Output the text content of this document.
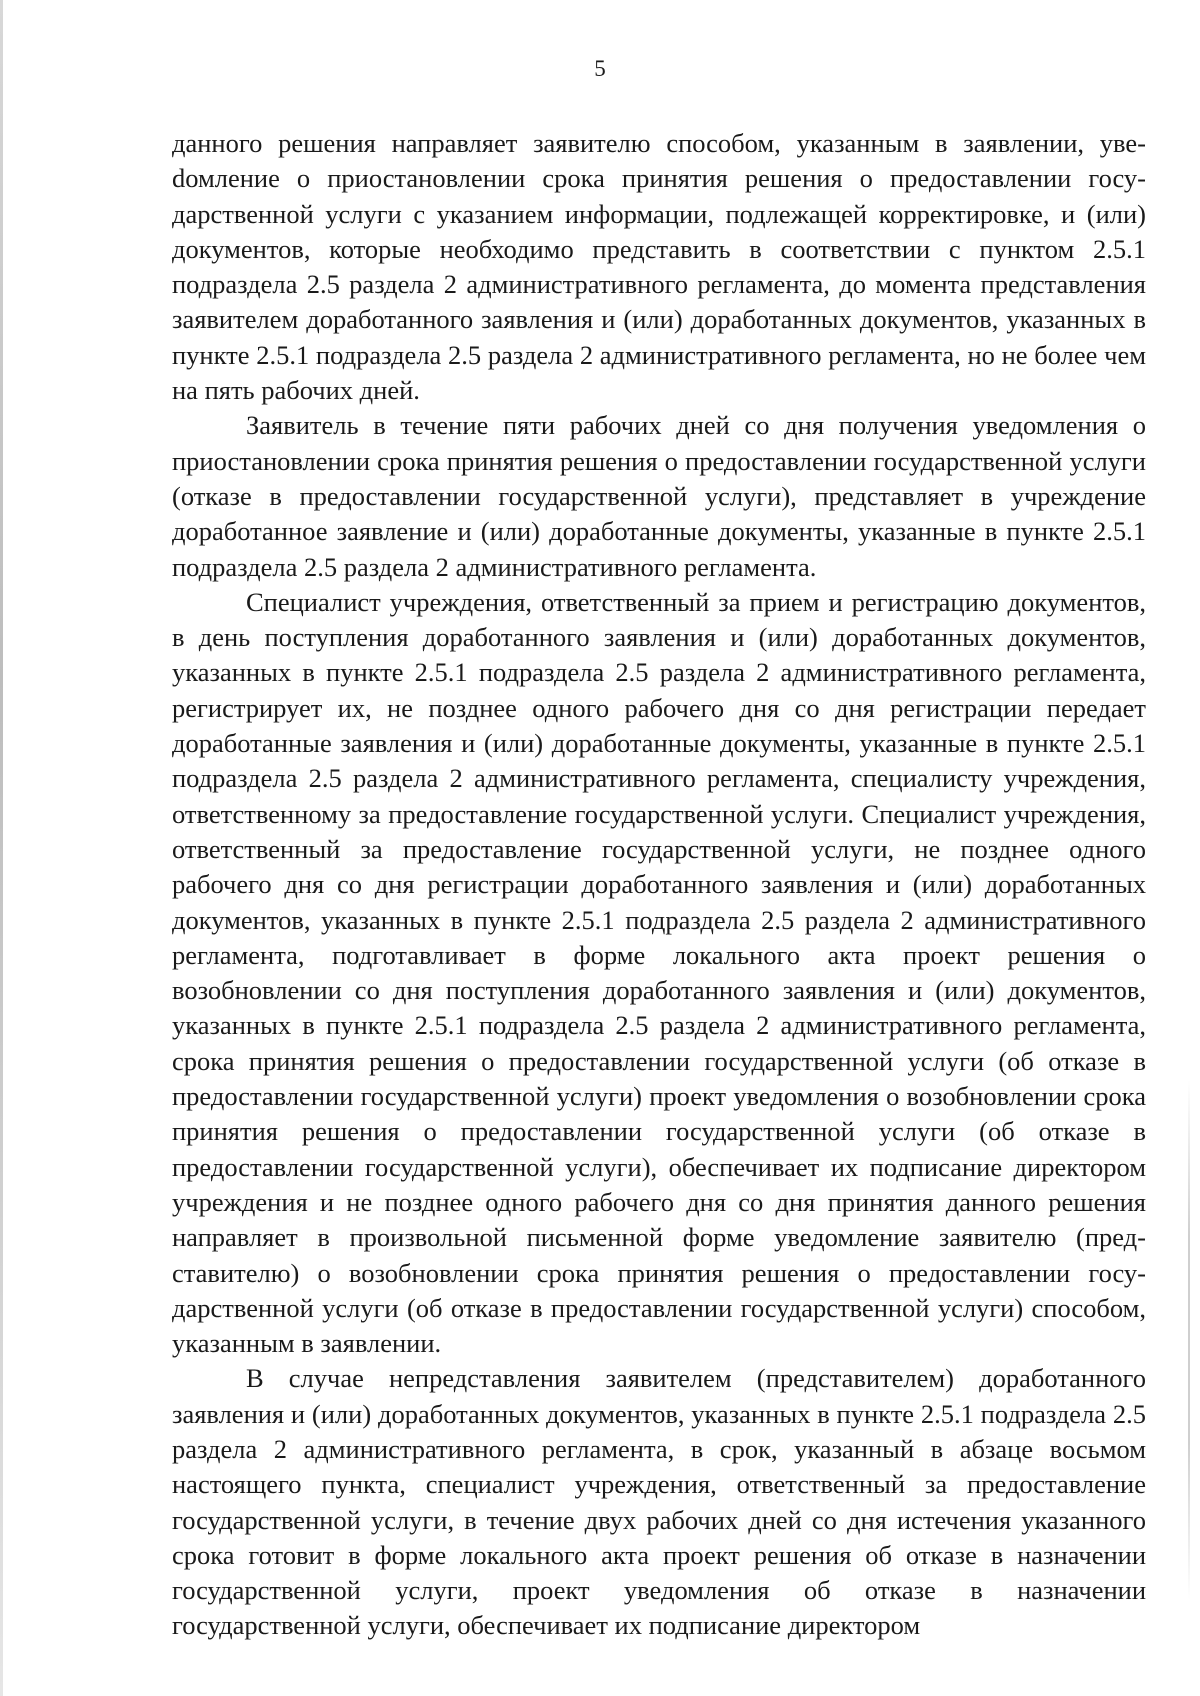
5

данного решения направляет заявителю способом, указанным в заявлении, увеdомление о приостановлении срока принятия решения о предоставлении государственной услуги с указанием информации, подлежащей корректировке, и (или) документов, которые необходимо представить в соответствии с пунктом 2.5.1 подраздела 2.5 раздела 2 административного регламента, до момента представления заявителем доработанного заявления и (или) доработанных документов, указанных в пункте 2.5.1 подраздела 2.5 раздела 2 административного регламента, но не более чем на пять рабочих дней.

Заявитель в течение пяти рабочих дней со дня получения уведомления о приостановлении срока принятия решения о предоставлении государственной услуги (отказе в предоставлении государственной услуги), представляет в учреждение доработанное заявление и (или) доработанные документы, указанные в пункте 2.5.1 подраздела 2.5 раздела 2 административного регламента.

Специалист учреждения, ответственный за прием и регистрацию документов, в день поступления доработанного заявления и (или) доработанных документов, указанных в пункте 2.5.1 подраздела 2.5 раздела 2 административного регламента, регистрирует их, не позднее одного рабочего дня со дня регистрации передает доработанные заявления и (или) доработанные документы, указанные в пункте 2.5.1 подраздела 2.5 раздела 2 административного регламента, специалисту учреждения, ответственному за предоставление государственной услуги. Специалист учреждения, ответственный за предоставление государственной услуги, не позднее одного рабочего дня со дня регистрации доработанного заявления и (или) доработанных документов, указанных в пункте 2.5.1 подраздела 2.5 раздела 2 административного регламента, подготавливает в форме локального акта проект решения о возобновлении со дня поступления доработанного заявления и (или) документов, указанных в пункте 2.5.1 подраздела 2.5 раздела 2 административного регламента, срока принятия решения о предоставлении государственной услуги (об отказе в предоставлении государственной услуги) проект уведомления о возобновлении срока принятия решения о предоставлении государственной услуги (об отказе в предоставлении государственной услуги), обеспечивает их подписание директором учреждения и не позднее одного рабочего дня со дня принятия данного решения направляет в произвольной письменной форме уведомление заявителю (представителю) о возобновлении срока принятия решения о предоставлении государственной услуги (об отказе в предоставлении государственной услуги) способом, указанным в заявлении.

В случае непредставления заявителем (представителем) доработанного заявления и (или) доработанных документов, указанных в пункте 2.5.1 подраздела 2.5 раздела 2 административного регламента, в срок, указанный в абзаце восьмом настоящего пункта, специалист учреждения, ответственный за предоставление государственной услуги, в течение двух рабочих дней со дня истечения указанного срока готовит в форме локального акта проект решения об отказе в назначении государственной услуги, проект уведомления об отказе в назначении государственной услуги, обеспечивает их подписание директором
